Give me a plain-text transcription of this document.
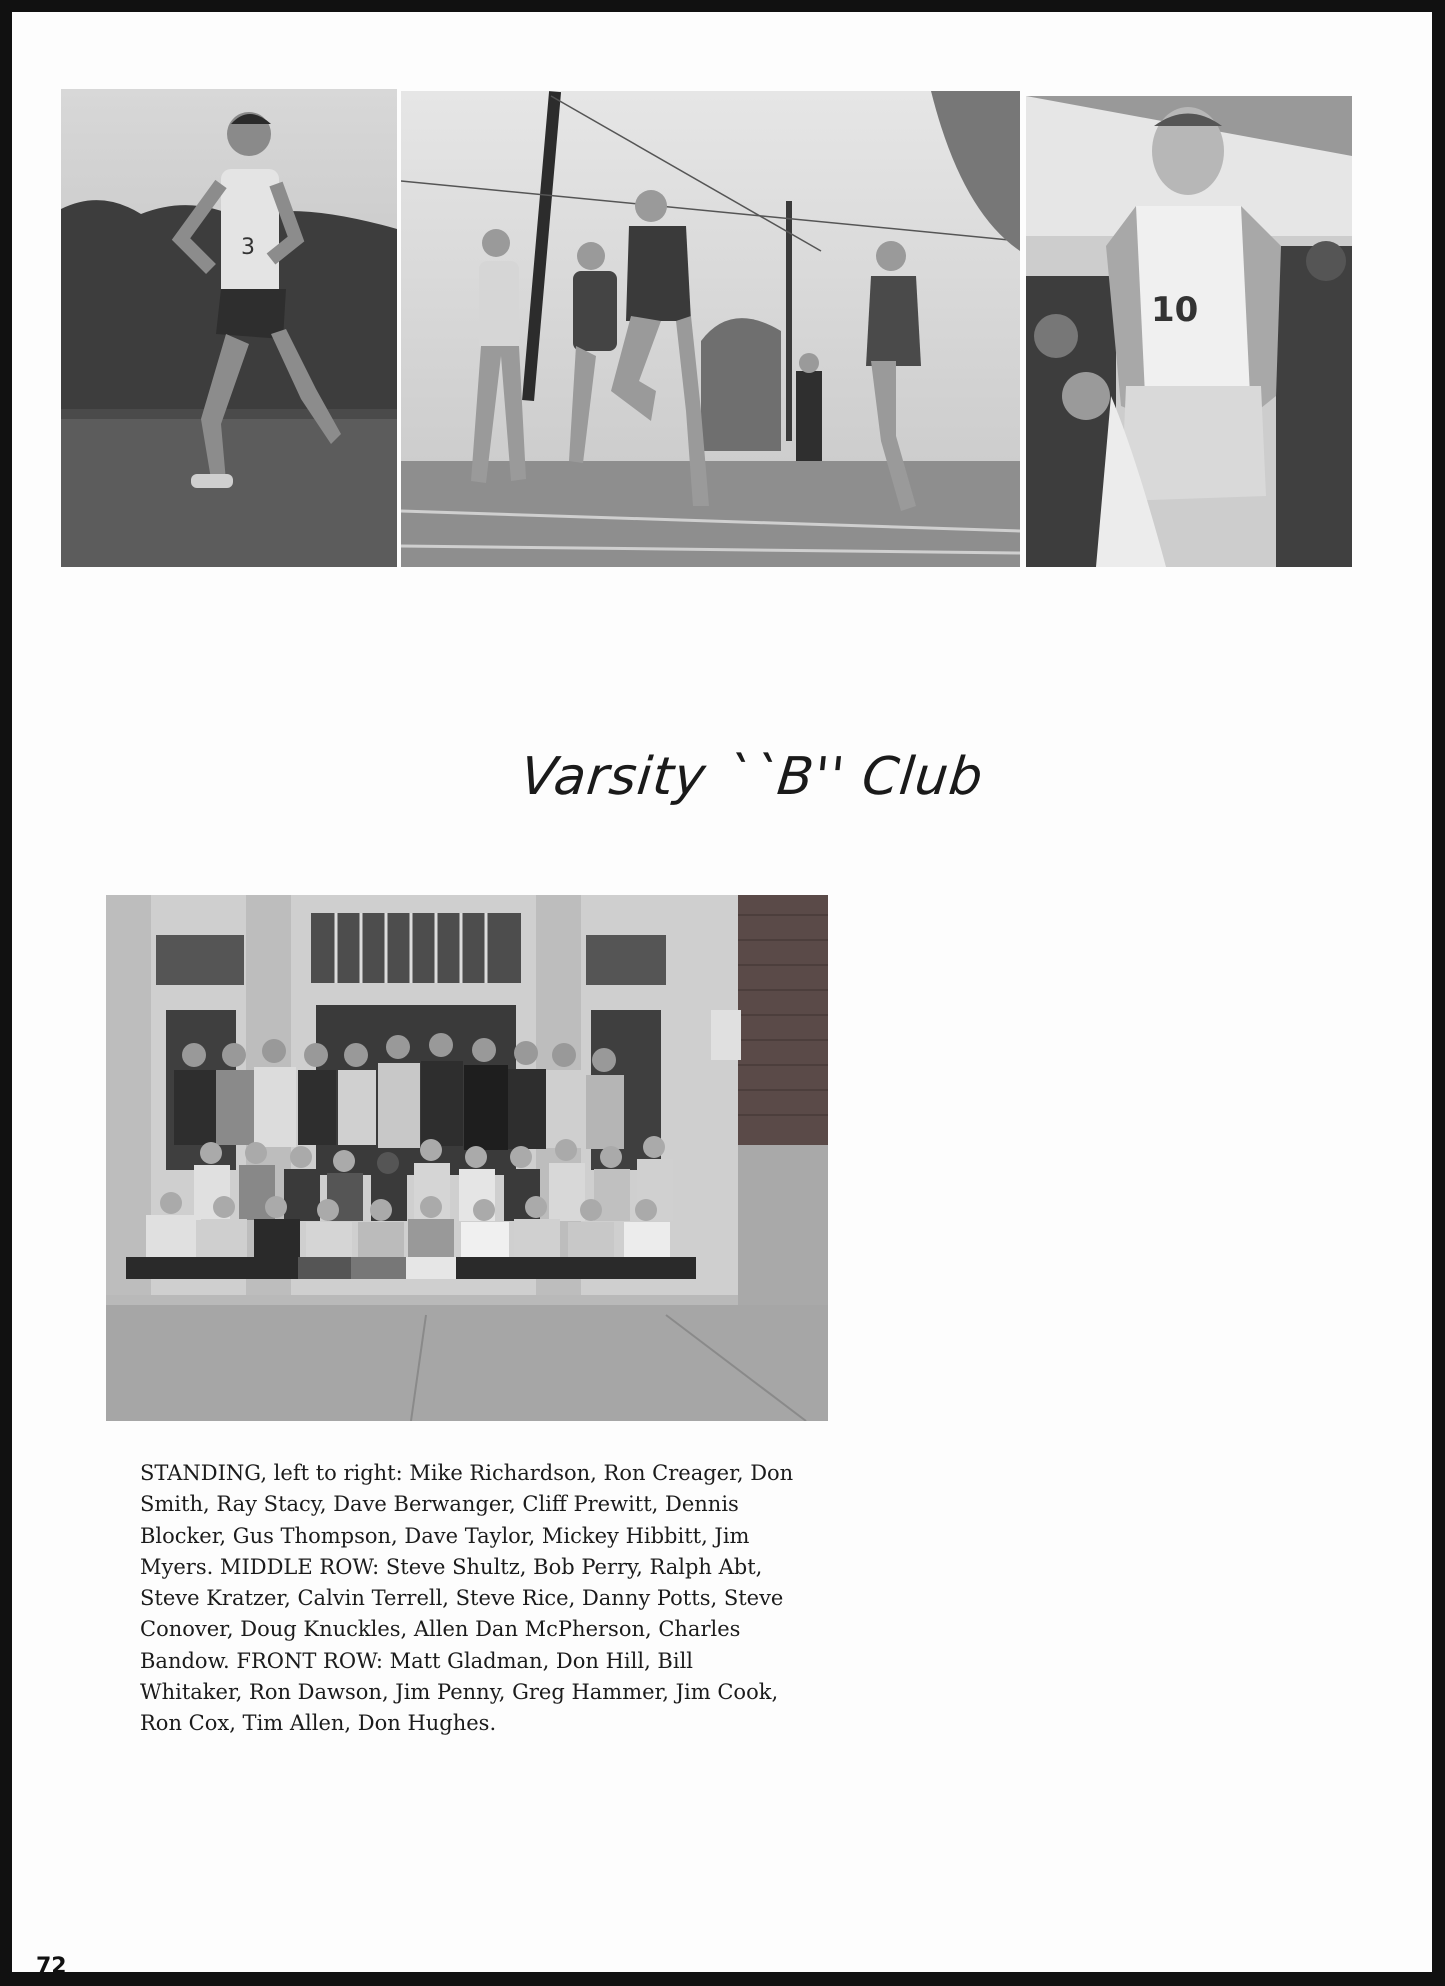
3
10
Varsity ``B'' Club

STANDING, left to right: Mike Richardson, Ron Creager, Don Smith, Ray Stacy, Dave Berwanger, Cliff Prewitt, Dennis Blocker, Gus Thompson, Dave Taylor, Mickey Hibbitt, Jim Myers. MIDDLE ROW: Steve Shultz, Bob Perry, Ralph Abt, Steve Kratzer, Calvin Terrell, Steve Rice, Danny Potts, Steve Conover, Doug Knuckles, Allen Dan McPherson, Charles Bandow. FRONT ROW: Matt Gladman, Don Hill, Bill Whitaker, Ron Dawson, Jim Penny, Greg Hammer, Jim Cook, Ron Cox, Tim Allen, Don Hughes.

72
